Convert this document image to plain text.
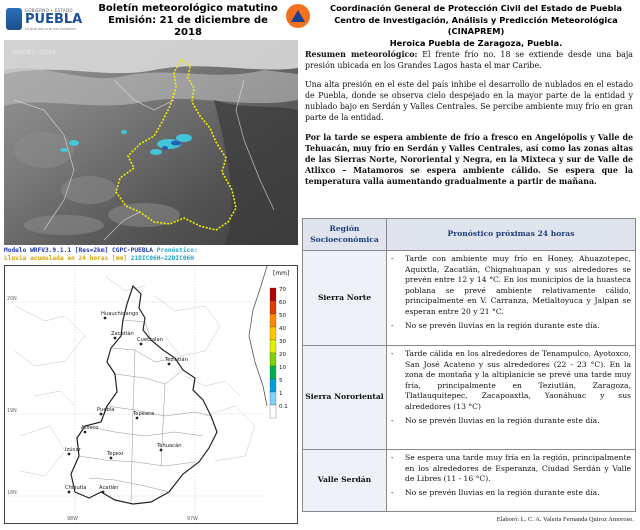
GOBIERNO • ESTADO
PUEBLA
Lo que nos une nos fortalece
Boletín meteorológico matutino
Emisión: 21 de diciembre de 2018
Coordinación General de Protección Civil del Estado de Puebla
Centro de Investigación, Análisis y Predicción Meteorológica (CINAPREM)
Heroica Puebla de Zaragoza, Puebla.
IMAGES: GOES
Modelo WRFV3.9.1.1 [Res=2km] CGPC-PUEBLA Pronóstico:
Lluvia acumulada en 24 horas [mm] 21DIC06H–22DIC06H
Huauchinango
Zacatlán
Cuetzalan
Teziutlán
Puebla
Tepeaca
Atlixco
Tehuacán
Izúcar
Tepexi
Chiautla Acatlán
[mm]
70
60
50
40
30
20
10
5
1
0.1
20N
19N
18N
98W	97W

Resumen meteorológico: El frente frío no. 18 se extiende desde una baja presión ubicada en los Grandes Lagos hasta el mar Caribe.

Una alta presión en el este del país inhibe el desarrollo de nublados en el estado de Puebla, donde se observa cielo despejado en la mayor parte de la entidad y nublado bajo en Serdán y Valles Centrales. Se percibe ambiente muy frío en gran parte de la entidad.

Por la tarde se espera ambiente de frío a fresco en Angelópolis y Valle de Tehuacán, muy frío en Serdán y Valles Centrales, así como las zonas altas de las Sierras Norte, Nororiental y Negra, en la Mixteca y sur de Valle de Atlixco – Matamoros se espera ambiente cálido. Se espera que la temperatura valla aumentando gradualmente a partir de mañana.

Región Socioeconómica
Pronóstico próximas 24 horas
Sierra Norte
-	Tarde con ambiente muy frío en Honey, Ahuazotepec, Aquixtla, Zacatlán, Chignahuapan y sus alrededores se prevén entre 12 y 14 °C. En los municipios de la huasteca poblana se prevé ambiente relativamente cálido, principalmente en V. Carranza, Metlaltoyuca y Jalpan se esperan entre 20 y 21 °C.
-	No se prevén lluvias en la región durante este día.
Sierra Nororiental
-	Tarde cálida en los alrededores de Tenampulco, Ayotoxco, San José Acateno y sus alrededores (22 - 23 °C). En la zona de montaña y la altiplanicie se prevé una tarde muy fría, principalmente en Teziutlán, Zaragoza, Tlatlauquitepec, Zacapoaxtla, Yaonáhuac y sus alrededores (13 °C)
-	No se prevén lluvias en la región durante este día.
Valle Serdán
-	Se espera una tarde muy fría en la región, principalmente en los alrededores de Esperanza, Ciudad Serdán y Valle de Libres (11 - 16 °C).
-	No se prevén lluvias en la región durante este día.
Elaboró: L. C. A. Valeria Fernanda Quiroz Amoroso.
